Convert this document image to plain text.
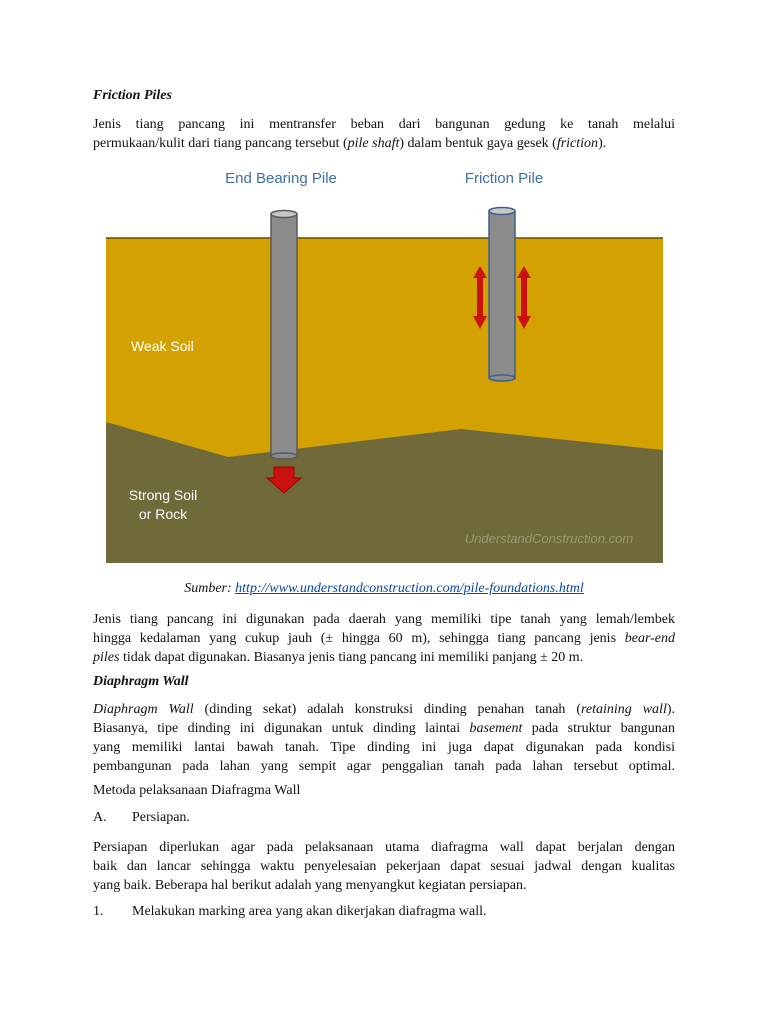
Friction Piles
Jenis tiang pancang ini mentransfer beban dari bangunan gedung ke tanah melalui
permukaan/kulit dari tiang pancang tersebut (pile shaft) dalam bentuk gaya gesek (friction).
End Bearing Pile	Friction Pile
Weak Soil
Strong Soil
or Rock
UnderstandConstruction.com
Sumber: http://www.understandconstruction.com/pile-foundations.html
Jenis tiang pancang ini digunakan pada daerah yang memiliki tipe tanah yang lemah/lembek
hingga kedalaman yang cukup jauh (± hingga 60 m), sehingga tiang pancang jenis bear-end
piles tidak dapat digunakan. Biasanya jenis tiang pancang ini memiliki panjang ± 20 m.
Diaphragm Wall
Diaphragm Wall (dinding sekat) adalah konstruksi dinding penahan tanah (retaining wall).
Biasanya, tipe dinding ini digunakan untuk dinding laintai basement pada struktur bangunan
yang memiliki lantai bawah tanah. Tipe dinding ini juga dapat digunakan pada kondisi
pembangunan pada lahan yang sempit agar penggalian tanah pada lahan tersebut optimal.
Metoda pelaksanaan Diafragma Wall
A. Persiapan.
Persiapan diperlukan agar pada pelaksanaan utama diafragma wall dapat berjalan dengan
baik dan lancar sehingga waktu penyelesaian pekerjaan dapat sesuai jadwal dengan kualitas
yang baik. Beberapa hal berikut adalah yang menyangkut kegiatan persiapan.
1. Melakukan marking area yang akan dikerjakan diafragma wall.
